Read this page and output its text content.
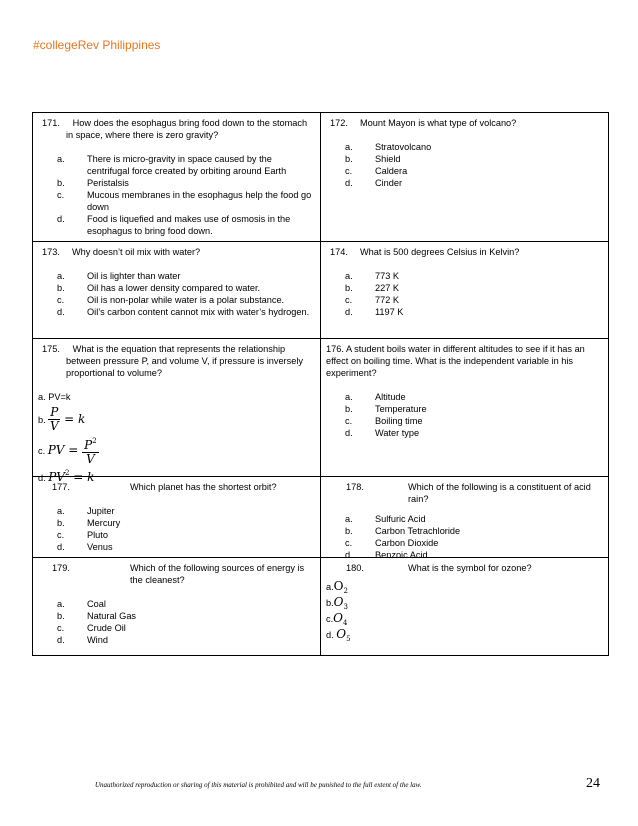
#collegeRev Philippines
171. How does the esophagus bring food down to the stomach in space, where there is zero gravity?
a.	There is micro-gravity in space caused by the centrifugal force created by orbiting around Earth
b.	Peristalsis
c.	Mucous membranes in the esophagus help the food go down
d.	Food is liquefied and makes use of osmosis in the esophagus to bring food down.
172.	Mount Mayon is what type of volcano?
a.	Stratovolcano
b.	Shield
c.	Caldera
d.	Cinder
173.	Why doesn’t oil mix with water?
a.	Oil is lighter than water
b.	Oil has a lower density compared to water.
c.	Oil is non-polar while water is a polar substance.
d.	Oil’s carbon content cannot mix with water’s hydrogen.
174.	What is 500 degrees Celsius in Kelvin?
a.	773 K
b.	227 K
c.	772 K
d.	1197 K
175. What is the equation that represents the relationship between pressure P, and volume V, if pressure is inversely proportional to volume?
a. PV=k
b. $\frac{P}{V} = k$
c. PV = $\frac{P^2}{V}$
d. $PV^2 = k$
176. A student boils water in different altitudes to see if it has an effect on boiling time. What is the independent variable in his experiment?
a.	Altitude
b.	Temperature
c.	Boiling time
d.	Water type
177.	Which planet has the shortest orbit?
a.	Jupiter
b.	Mercury
c.	Pluto
d.	Venus
178.	Which of the following is a constituent of acid rain?
a.	Sulfuric Acid
b.	Carbon Tetrachloride
c.	Carbon Dioxide
d.	Benzoic Acid
179.	Which of the following sources of energy is the cleanest?
a.	Coal
b.	Natural Gas
c.	Crude Oil
d.	Wind
180.	What is the symbol for ozone?
$a.O_2$
$b.O_3$
$c.O_4$
d. $O_5$
Unauthorized reproduction or sharing of this material is prohibited and will be punished to the full extent of the law.	24
